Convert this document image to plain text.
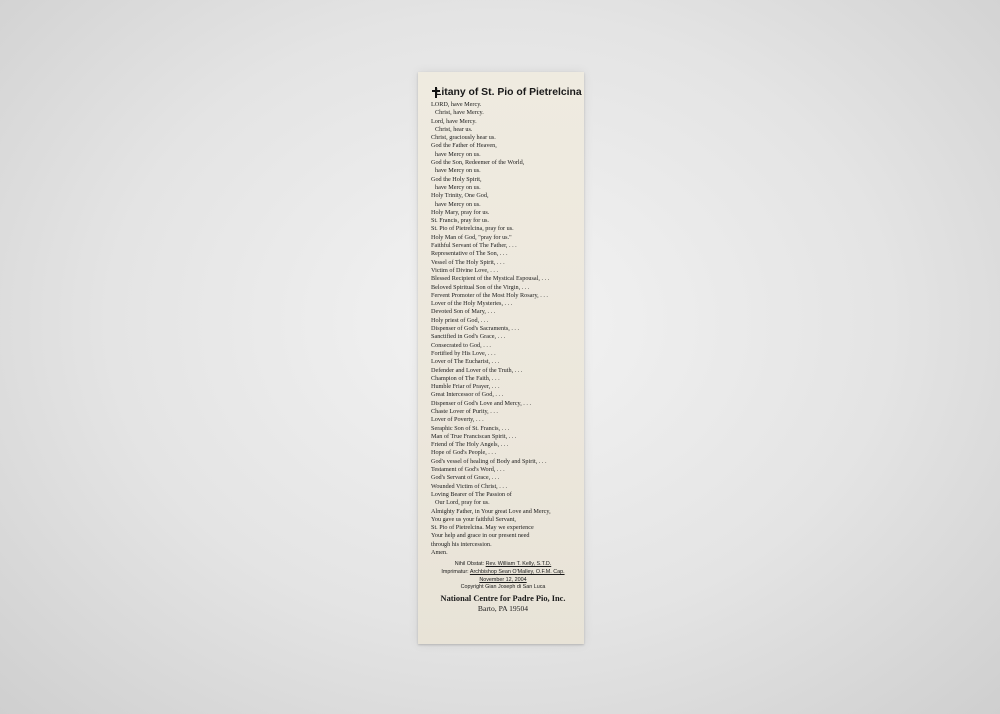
Litany of St. Pio of Pietrelcina
LORD, have Mercy.
Christ, have Mercy.
Lord, have Mercy.
Christ, hear us.
Christ, graciously hear us.
God the Father of Heaven,
have Mercy on us.
God the Son, Redeemer of the World,
have Mercy on us.
God the Holy Spirit,
have Mercy on us.
Holy Trinity, One God,
have Mercy on us.
Holy Mary, pray for us.
St. Francis, pray for us.
St. Pio of Pietrelcina, pray for us.
Holy Man of God, "pray for us."
Faithful Servant of The Father, . . .
Representative of The Son, . . .
Vessel of The Holy Spirit, . . .
Victim of Divine Love, . . .
Blessed Recipient of the Mystical Espousal, . . .
Beloved Spiritual Son of the Virgin, . . .
Fervent Promoter of the Most Holy Rosary, . . .
Lover of the Holy Mysteries, . . .
Devoted Son of Mary, . . .
Holy priest of God, . . .
Dispenser of God's Sacraments, . . .
Sanctified in God's Grace, . . .
Consecrated to God, . . .
Fortified by His Love, . . .
Lover of The Eucharist, . . .
Defender and Lover of the Truth, . . .
Champion of The Faith, . . .
Humble Friar of Prayer, . . .
Great Intercessor of God, . . .
Dispenser of God's Love and Mercy, . . .
Chaste Lover of Purity, . . .
Lover of Poverty, . . .
Seraphic Son of St. Francis, . . .
Man of True Franciscan Spirit, . . .
Friend of The Holy Angels, . . .
Hope of God's People, . . .
God's vessel of healing of Body and Spirit, . . .
Testament of God's Word, . . .
God's Servant of Grace, . . .
Wounded Victim of Christ, . . .
Loving Bearer of The Passion of
Our Lord, pray for us.
Almighty Father, in Your great Love and Mercy,
You gave us your faithful Servant,
St. Pio of Pietrelcina. May we experience
Your help and grace in our present need
through his intercession.
Amen.
Nihil Obstat: Rev. William T. Kelly, S.T.D.
Imprimatur: Archbishop Sean O'Malley, O.F.M. Cap.
November 12, 2004
Copyright Gian Joseph di San Luca
National Centre for Padre Pio, Inc.
Barto, PA 19504
